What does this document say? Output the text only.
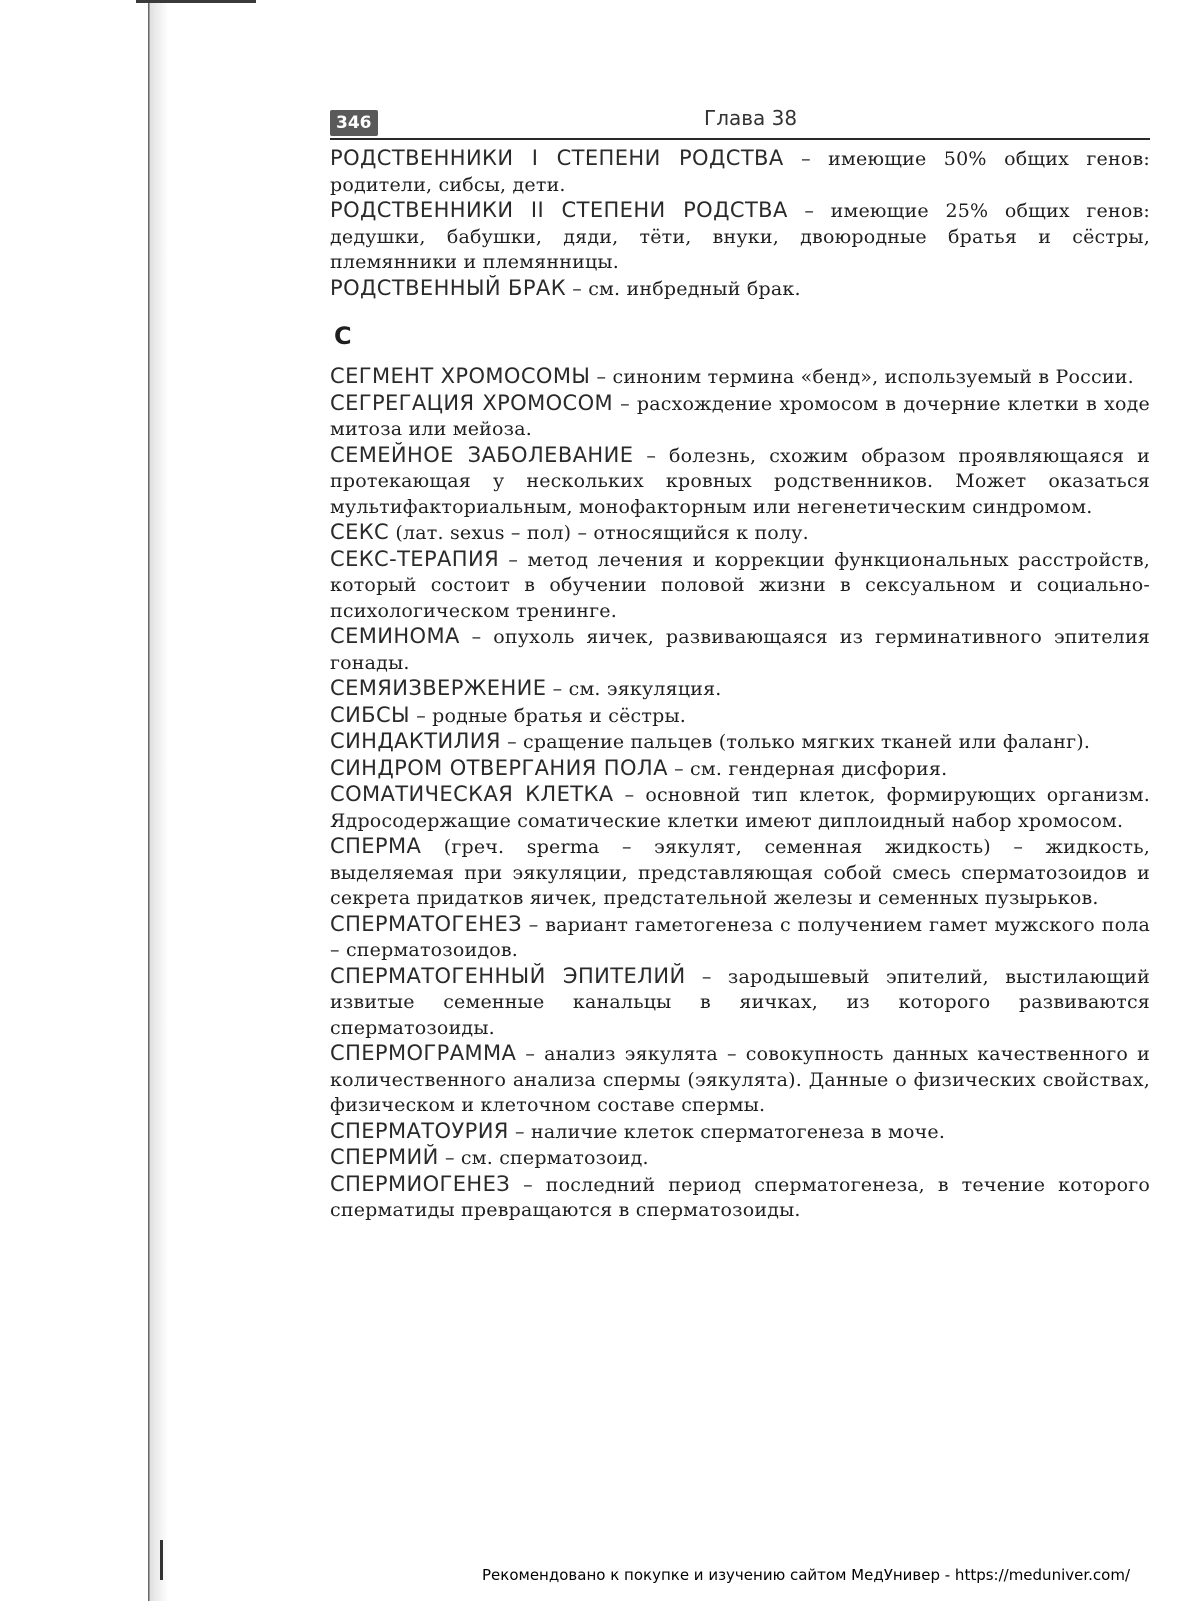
346	Глава 38

РОДСТВЕННИКИ I СТЕПЕНИ РОДСТВА – имеющие 50% общих генов: родители, сибсы, дети.

РОДСТВЕННИКИ II СТЕПЕНИ РОДСТВА – имеющие 25% общих генов: дедушки, бабушки, дяди, тёти, внуки, двоюродные братья и сёстры, племянники и племянницы.

РОДСТВЕННЫЙ БРАК – см. инбредный брак.

С

СЕГМЕНТ ХРОМОСОМЫ – синоним термина «бенд», используемый в России.

СЕГРЕГАЦИЯ ХРОМОСОМ – расхождение хромосом в дочерние клетки в ходе митоза или мейоза.

СЕМЕЙНОЕ ЗАБОЛЕВАНИЕ – болезнь, схожим образом проявляющаяся и протекающая у нескольких кровных родственников. Может оказаться мультифакториальным, монофакторным или негенетическим синдромом.

СЕКС (лат. sexus – пол) – относящийся к полу.

СЕКС-ТЕРАПИЯ – метод лечения и коррекции функциональных расстройств, который состоит в обучении половой жизни в сексуальном и социально-психологическом тренинге.

СЕМИНОМА – опухоль яичек, развивающаяся из герминативного эпителия гонады.

СЕМЯИЗВЕРЖЕНИЕ – см. эякуляция.

СИБСЫ – родные братья и сёстры.

СИНДАКТИЛИЯ – сращение пальцев (только мягких тканей или фаланг).

СИНДРОМ ОТВЕРГАНИЯ ПОЛА – см. гендерная дисфория.

СОМАТИЧЕСКАЯ КЛЕТКА – основной тип клеток, формирующих организм. Ядросодержащие соматические клетки имеют диплоидный набор хромосом.

СПЕРМА (греч. sperma – эякулят, семенная жидкость) – жидкость, выделяемая при эякуляции, представляющая собой смесь сперматозоидов и секрета придатков яичек, предстательной железы и семенных пузырьков.

СПЕРМАТОГЕНЕЗ – вариант гаметогенеза с получением гамет мужского пола – сперматозоидов.

СПЕРМАТОГЕННЫЙ ЭПИТЕЛИЙ – зародышевый эпителий, выстилающий извитые семенные канальцы в яичках, из которого развиваются сперматозоиды.

СПЕРМОГРАММА – анализ эякулята – совокупность данных качественного и количественного анализа спермы (эякулята). Данные о физических свойствах, физическом и клеточном составе спермы.

СПЕРМАТОУРИЯ – наличие клеток сперматогенеза в моче.

СПЕРМИЙ – см. сперматозоид.

СПЕРМИОГЕНЕЗ – последний период сперматогенеза, в течение которого сперматиды превращаются в сперматозоиды.

Рекомендовано к покупке и изучению сайтом МедУнивер - https://meduniver.com/
